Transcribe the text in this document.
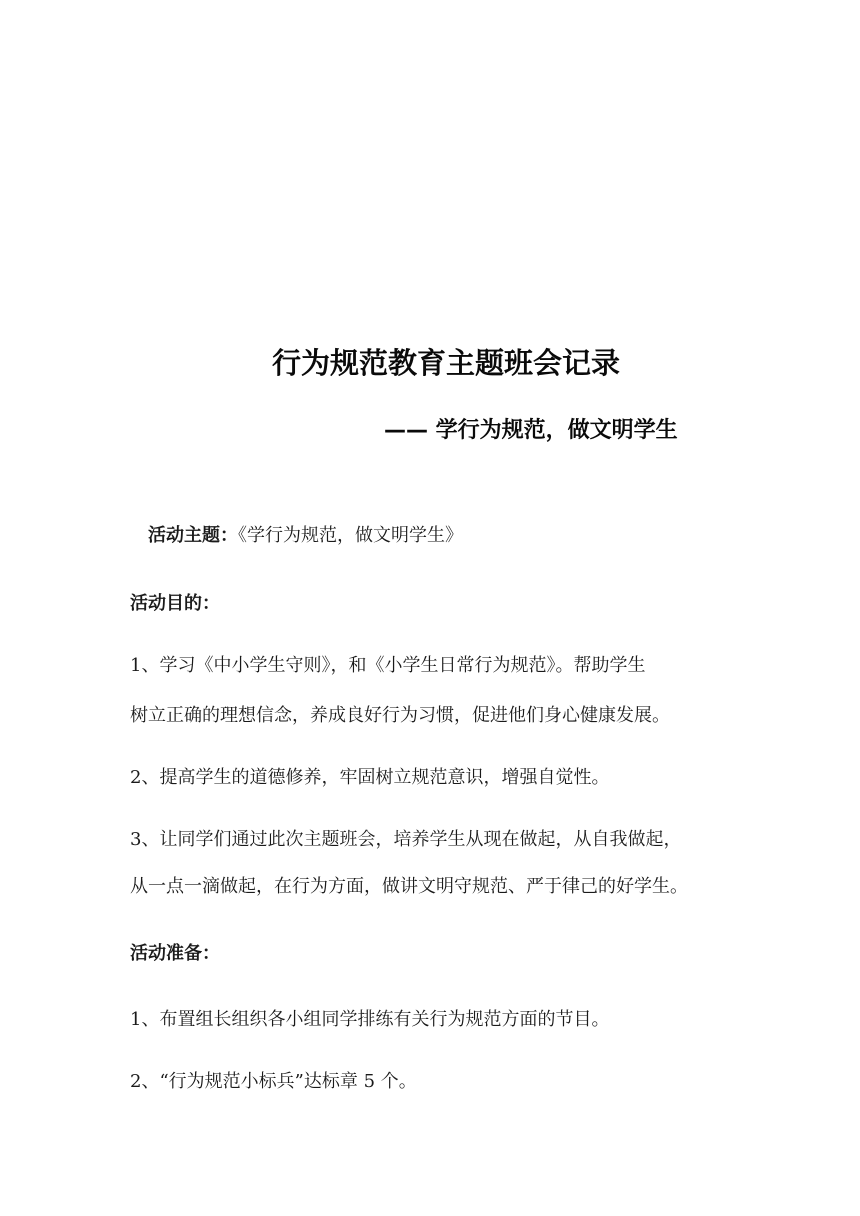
行为规范教育主题班会记录
—— 学行为规范，做文明学生

活动主题：《学行为规范，做文明学生》

活动目的：

1、学习《中小学生守则》，和《小学生日常行为规范》。帮助学生

树立正确的理想信念，养成良好行为习惯，促进他们身心健康发展。

2、提高学生的道德修养，牢固树立规范意识，增强自觉性。

3、让同学们通过此次主题班会，培养学生从现在做起，从自我做起，

从一点一滴做起，在行为方面，做讲文明守规范、严于律己的好学生。

活动准备：

1、布置组长组织各小组同学排练有关行为规范方面的节目。

2、“行为规范小标兵”达标章 5 个。
